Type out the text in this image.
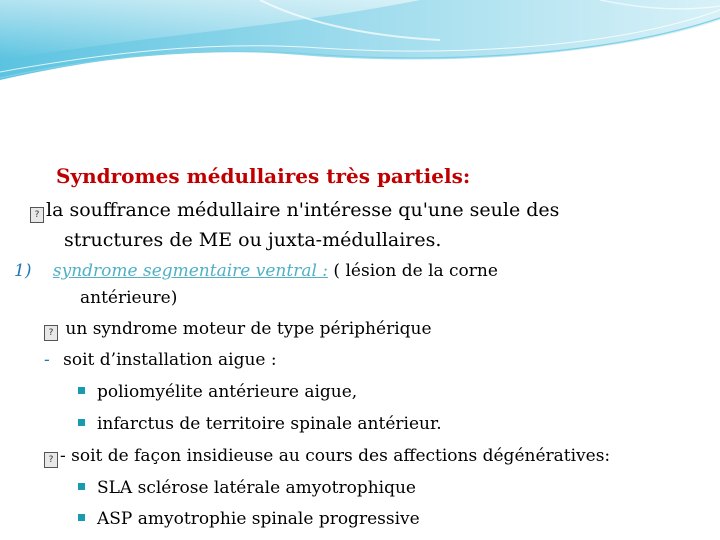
Syndromes médullaires très partiels:
? la souffrance médullaire n'intéresse qu'une seule des
structures de ME ou juxta-médullaires.
1) syndrome segmentaire ventral : ( lésion de la corne
antérieure)
? un syndrome moteur de type périphérique
- soit d’installation aigue :
poliomyélite antérieure aigue,
infarctus de territoire spinale antérieur.
? - soit de façon insidieuse au cours des affections dégénératives:
SLA sclérose latérale amyotrophique
ASP amyotrophie spinale progressive
